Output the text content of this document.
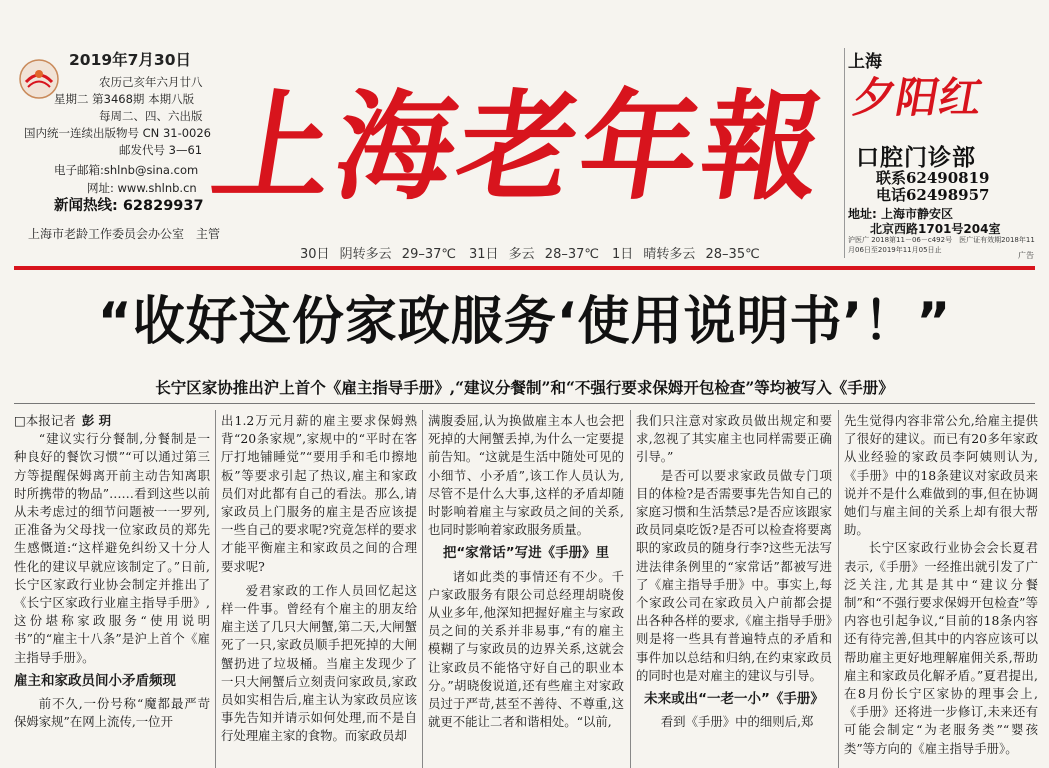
2019年7月30日
农历己亥年六月廿八
星期二 第3468期 本期八版
每周二、四、六出版
国内统一连续出版物号 CN 31-0026
邮发代号 3—61
电子邮箱:shlnb@sina.com
网址: www.shlnb.cn
新闻热线: 62829937
上海市老龄工作委员会办公室　主管
上海老年報
30日 阴转多云 29–37℃　31日 多云 28–37℃　1日 晴转多云 28–35℃
上海
夕阳红
口腔门诊部
联系62490819
电话62498957
地址: 上海市静安区
北京西路1701号204室
沪医广 2018第11－06－c492号　医广证有效期2018年11月06日至2019年11月05日止
广告
“收好这份家政服务‘使用说明书’！”
长宁区家协推出沪上首个《雇主指导手册》,“建议分餐制”和“不强行要求保姆开包检查”等均被写入《手册》

□本报记者 彭 玥

“建议实行分餐制,分餐制是一种良好的餐饮习惯”“可以通过第三方等提醒保姆离开前主动告知离职时所携带的物品”……看到这些以前从未考虑过的细节问题被一一罗列,正准备为父母找一位家政员的郑先生感慨道:“这样避免纠纷又十分人性化的建议早就应该制定了。”日前,长宁区家政行业协会制定并推出了《长宁区家政行业雇主指导手册》,这份堪称家政服务“使用说明书”的“雇主十八条”是沪上首个《雇主指导手册》。

雇主和家政员间小矛盾频现

前不久,一份号称“魔都最严苛保姆家规”在网上流传,一位开

出1.2万元月薪的雇主要求保姆熟背“20条家规”,家规中的“平时在客厅打地铺睡觉”“要用手和毛巾擦地板”等要求引起了热议,雇主和家政员们对此都有自己的看法。那么,请家政员上门服务的雇主是否应该提一些自己的要求呢?究竟怎样的要求才能平衡雇主和家政员之间的合理要求呢?

爱君家政的工作人员回忆起这样一件事。曾经有个雇主的朋友给雇主送了几只大闸蟹,第二天,大闸蟹死了一只,家政员顺手把死掉的大闸蟹扔进了垃圾桶。当雇主发现少了一只大闸蟹后立刻责问家政员,家政员如实相告后,雇主认为家政员应该事先告知并请示如何处理,而不是自行处理雇主家的食物。而家政员却

满腹委屈,认为换做雇主本人也会把死掉的大闸蟹丢掉,为什么一定要提前告知。“这就是生活中随处可见的小细节、小矛盾”,该工作人员认为,尽管不是什么大事,这样的矛盾却随时影响着雇主与家政员之间的关系,也同时影响着家政服务质量。

把“家常话”写进《手册》里

诸如此类的事情还有不少。千户家政服务有限公司总经理胡晓俊从业多年,他深知把握好雇主与家政员之间的关系并非易事,“有的雇主模糊了与家政员的边界关系,这就会让家政员不能恪守好自己的职业本分。”胡晓俊说道,还有些雇主对家政员过于严苛,甚至不善待、不尊重,这就更不能让二者和谐相处。“以前,

我们只注意对家政员做出规定和要求,忽视了其实雇主也同样需要正确引导。”

是否可以要求家政员做专门项目的体检?是否需要事先告知自己的家庭习惯和生活禁忌?是否应该跟家政员同桌吃饭?是否可以检查将要离职的家政员的随身行李?这些无法写进法律条例里的“家常话”都被写进了《雇主指导手册》中。事实上,每个家政公司在家政员入户前都会提出各种各样的要求,《雇主指导手册》则是将一些具有普遍特点的矛盾和事件加以总结和归纳,在约束家政员的同时也是对雇主的建议与引导。

未来或出“一老一小”《手册》

看到《手册》中的细则后,郑

先生觉得内容非常公允,给雇主提供了很好的建议。而已有20多年家政从业经验的家政员李阿姨则认为,《手册》中的18条建议对家政员来说并不是什么难做到的事,但在协调她们与雇主间的关系上却有很大帮助。

长宁区家政行业协会会长夏君表示,《手册》一经推出就引发了广泛关注,尤其是其中“建议分餐制”和“不强行要求保姆开包检查”等内容也引起争议,“目前的18条内容还有待完善,但其中的内容应该可以帮助雇主更好地理解雇佣关系,帮助雇主和家政员化解矛盾。”夏君提出,在8月份长宁区家协的理事会上,《手册》还将进一步修订,未来还有可能会制定“为老服务类”“婴孩类”等方向的《雇主指导手册》。
